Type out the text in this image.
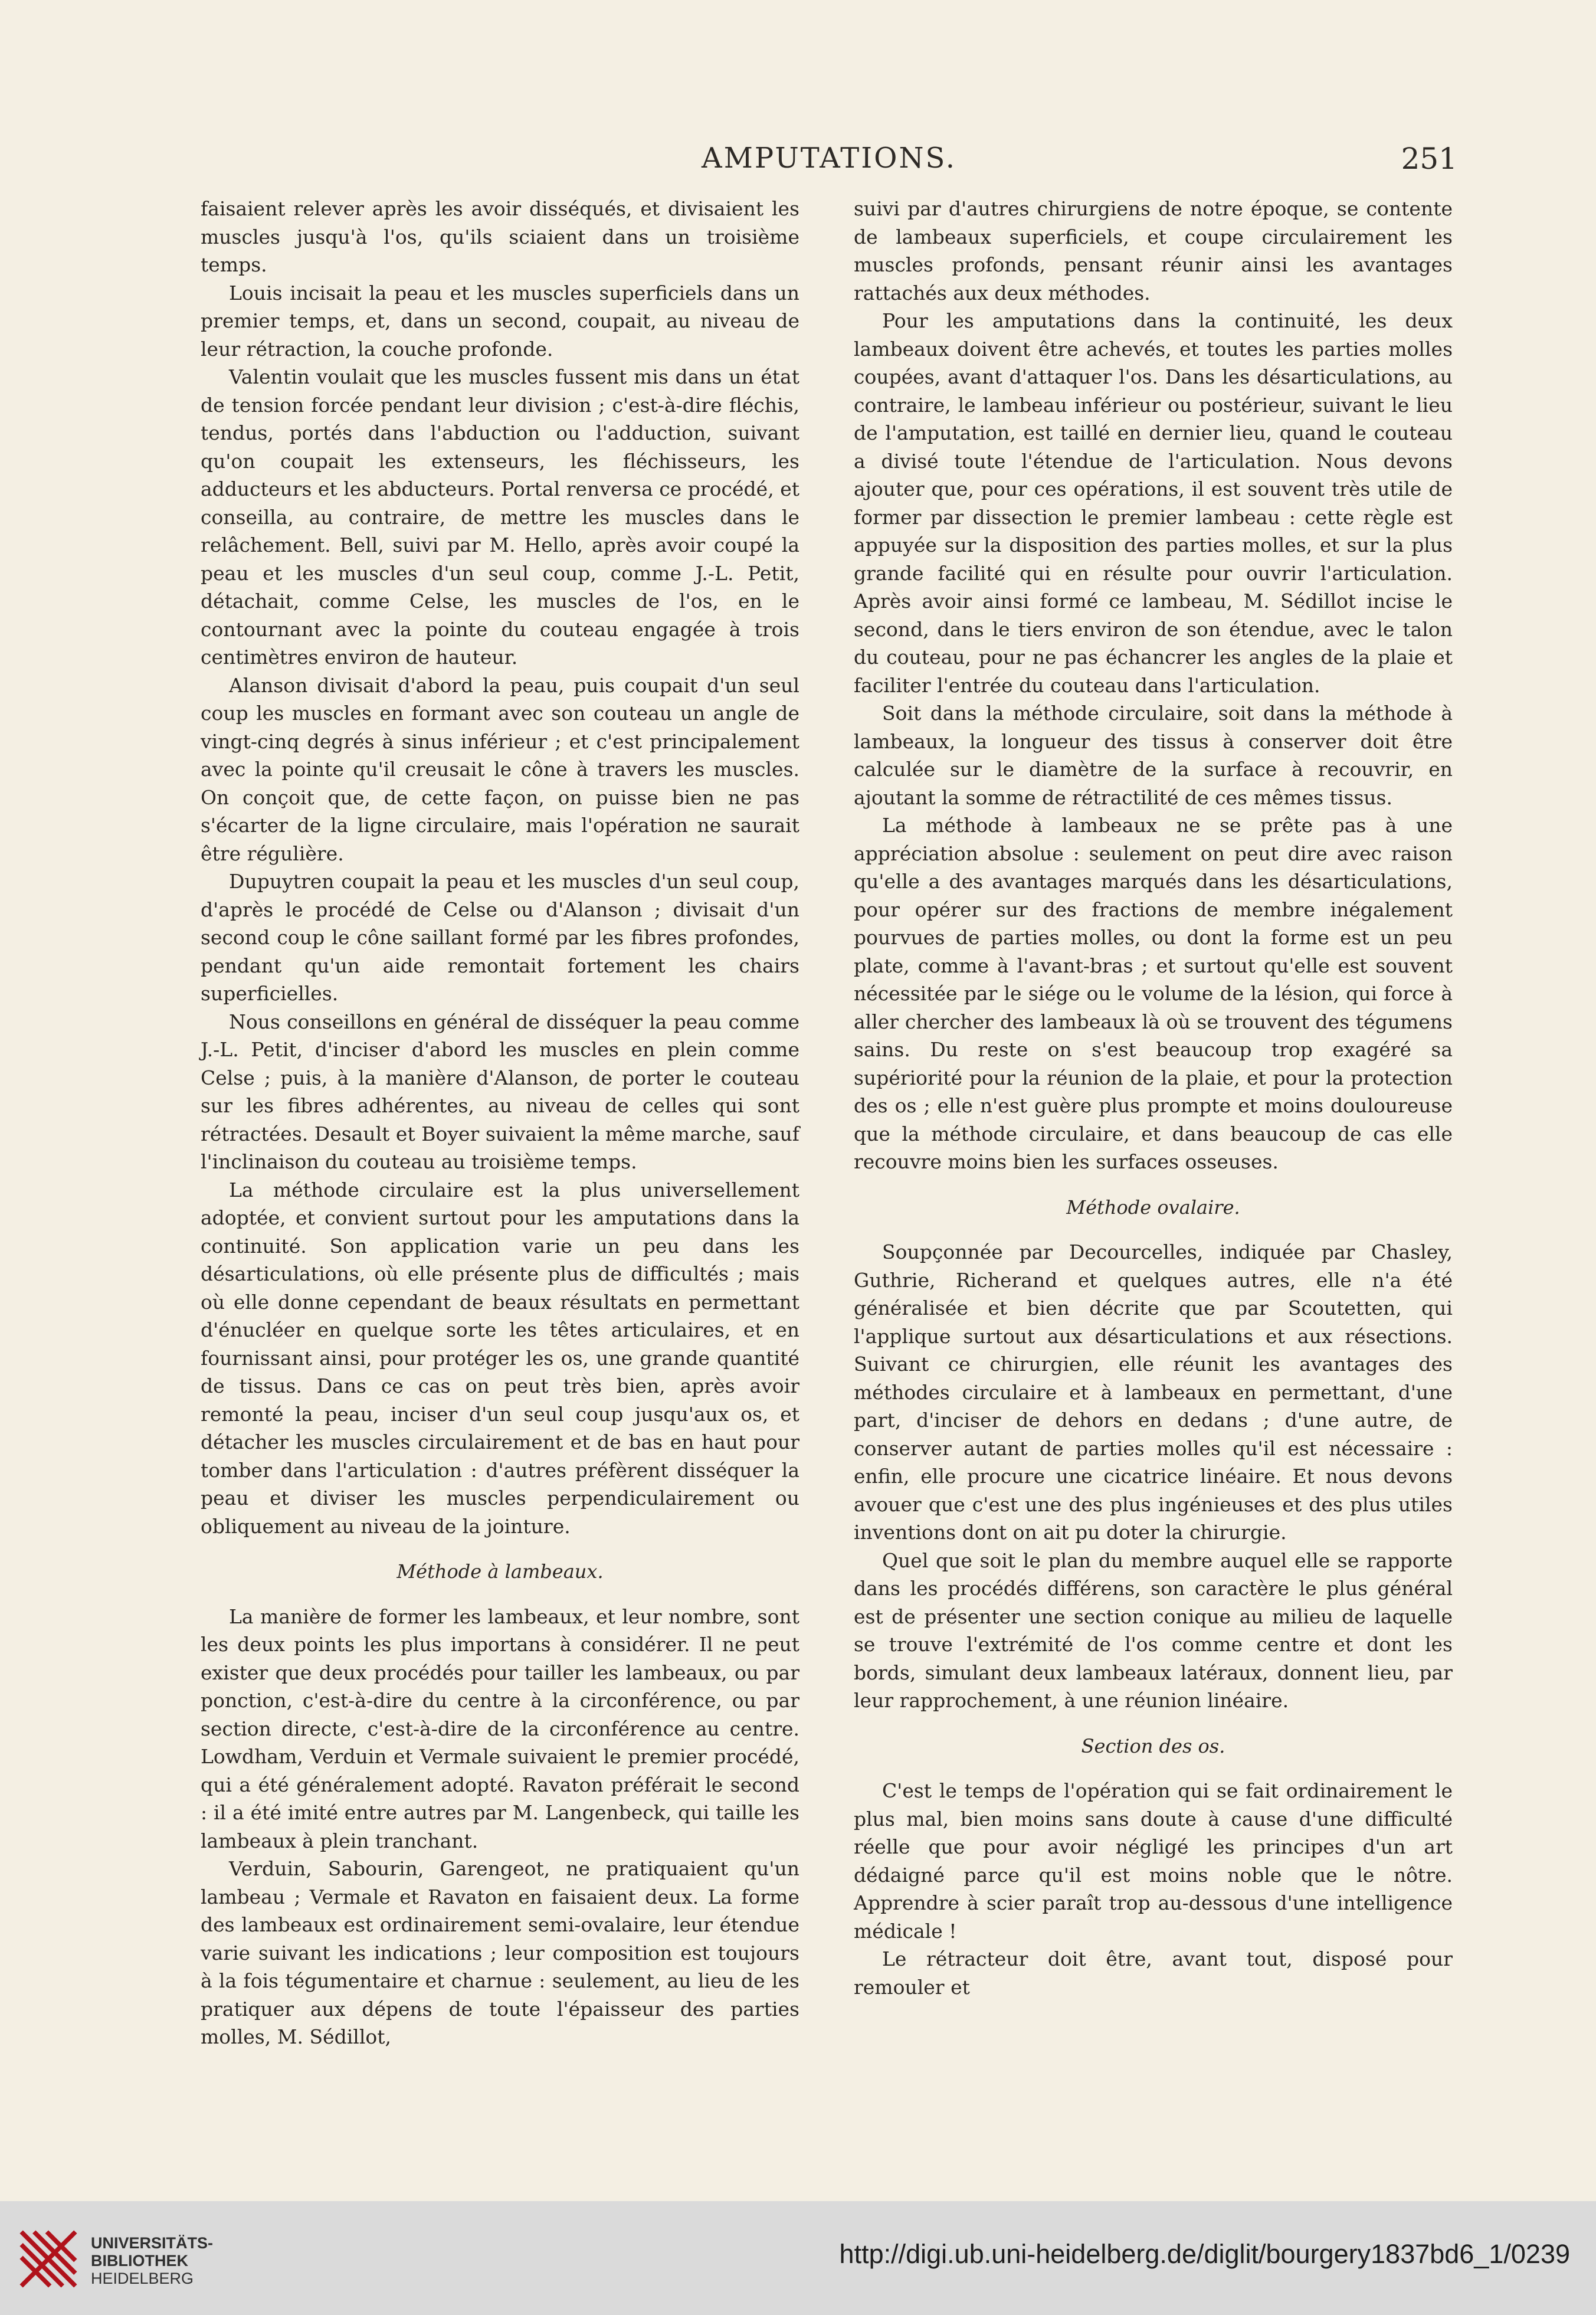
AMPUTATIONS.	251

faisaient relever après les avoir disséqués, et divisaient les muscles jusqu'à l'os, qu'ils sciaient dans un troisième temps.

Louis incisait la peau et les muscles superficiels dans un premier temps, et, dans un second, coupait, au niveau de leur rétraction, la couche profonde.

Valentin voulait que les muscles fussent mis dans un état de tension forcée pendant leur division ; c'est-à-dire fléchis, tendus, portés dans l'abduction ou l'adduction, suivant qu'on coupait les extenseurs, les fléchisseurs, les adducteurs et les abducteurs. Portal renversa ce procédé, et conseilla, au contraire, de mettre les muscles dans le relâchement. Bell, suivi par M. Hello, après avoir coupé la peau et les muscles d'un seul coup, comme J.-L. Petit, détachait, comme Celse, les muscles de l'os, en le contournant avec la pointe du couteau engagée à trois centimètres environ de hauteur.

Alanson divisait d'abord la peau, puis coupait d'un seul coup les muscles en formant avec son couteau un angle de vingt-cinq degrés à sinus inférieur ; et c'est principalement avec la pointe qu'il creusait le cône à travers les muscles. On conçoit que, de cette façon, on puisse bien ne pas s'écarter de la ligne circulaire, mais l'opération ne saurait être régulière.

Dupuytren coupait la peau et les muscles d'un seul coup, d'après le procédé de Celse ou d'Alanson ; divisait d'un second coup le cône saillant formé par les fibres profondes, pendant qu'un aide remontait fortement les chairs superficielles.

Nous conseillons en général de disséquer la peau comme J.-L. Petit, d'inciser d'abord les muscles en plein comme Celse ; puis, à la manière d'Alanson, de porter le couteau sur les fibres adhérentes, au niveau de celles qui sont rétractées. Desault et Boyer suivaient la même marche, sauf l'inclinaison du couteau au troisième temps.

La méthode circulaire est la plus universellement adoptée, et convient surtout pour les amputations dans la continuité. Son application varie un peu dans les désarticulations, où elle présente plus de difficultés ; mais où elle donne cependant de beaux résultats en permettant d'énucléer en quelque sorte les têtes articulaires, et en fournissant ainsi, pour protéger les os, une grande quantité de tissus. Dans ce cas on peut très bien, après avoir remonté la peau, inciser d'un seul coup jusqu'aux os, et détacher les muscles circulairement et de bas en haut pour tomber dans l'articulation : d'autres préfèrent disséquer la peau et diviser les muscles perpendiculairement ou obliquement au niveau de la jointure.

Méthode à lambeaux.

La manière de former les lambeaux, et leur nombre, sont les deux points les plus importans à considérer. Il ne peut exister que deux procédés pour tailler les lambeaux, ou par ponction, c'est-à-dire du centre à la circonférence, ou par section directe, c'est-à-dire de la circonférence au centre. Lowdham, Verduin et Vermale suivaient le premier procédé, qui a été généralement adopté. Ravaton préférait le second : il a été imité entre autres par M. Langenbeck, qui taille les lambeaux à plein tranchant.

Verduin, Sabourin, Garengeot, ne pratiquaient qu'un lambeau ; Vermale et Ravaton en faisaient deux. La forme des lambeaux est ordinairement semi-ovalaire, leur étendue varie suivant les indications ; leur composition est toujours à la fois tégumentaire et charnue : seulement, au lieu de les pratiquer aux dépens de toute l'épaisseur des parties molles, M. Sédillot,

suivi par d'autres chirurgiens de notre époque, se contente de lambeaux superficiels, et coupe circulairement les muscles profonds, pensant réunir ainsi les avantages rattachés aux deux méthodes.

Pour les amputations dans la continuité, les deux lambeaux doivent être achevés, et toutes les parties molles coupées, avant d'attaquer l'os. Dans les désarticulations, au contraire, le lambeau inférieur ou postérieur, suivant le lieu de l'amputation, est taillé en dernier lieu, quand le couteau a divisé toute l'étendue de l'articulation. Nous devons ajouter que, pour ces opérations, il est souvent très utile de former par dissection le premier lambeau : cette règle est appuyée sur la disposition des parties molles, et sur la plus grande facilité qui en résulte pour ouvrir l'articulation. Après avoir ainsi formé ce lambeau, M. Sédillot incise le second, dans le tiers environ de son étendue, avec le talon du couteau, pour ne pas échancrer les angles de la plaie et faciliter l'entrée du couteau dans l'articulation.

Soit dans la méthode circulaire, soit dans la méthode à lambeaux, la longueur des tissus à conserver doit être calculée sur le diamètre de la surface à recouvrir, en ajoutant la somme de rétractilité de ces mêmes tissus.

La méthode à lambeaux ne se prête pas à une appréciation absolue : seulement on peut dire avec raison qu'elle a des avantages marqués dans les désarticulations, pour opérer sur des fractions de membre inégalement pourvues de parties molles, ou dont la forme est un peu plate, comme à l'avant-bras ; et surtout qu'elle est souvent nécessitée par le siége ou le volume de la lésion, qui force à aller chercher des lambeaux là où se trouvent des tégumens sains. Du reste on s'est beaucoup trop exagéré sa supériorité pour la réunion de la plaie, et pour la protection des os ; elle n'est guère plus prompte et moins douloureuse que la méthode circulaire, et dans beaucoup de cas elle recouvre moins bien les surfaces osseuses.

Méthode ovalaire.

Soupçonnée par Decourcelles, indiquée par Chasley, Guthrie, Richerand et quelques autres, elle n'a été généralisée et bien décrite que par Scoutetten, qui l'applique surtout aux désarticulations et aux résections. Suivant ce chirurgien, elle réunit les avantages des méthodes circulaire et à lambeaux en permettant, d'une part, d'inciser de dehors en dedans ; d'une autre, de conserver autant de parties molles qu'il est nécessaire : enfin, elle procure une cicatrice linéaire. Et nous devons avouer que c'est une des plus ingénieuses et des plus utiles inventions dont on ait pu doter la chirurgie.

Quel que soit le plan du membre auquel elle se rapporte dans les procédés différens, son caractère le plus général est de présenter une section conique au milieu de laquelle se trouve l'extrémité de l'os comme centre et dont les bords, simulant deux lambeaux latéraux, donnent lieu, par leur rapprochement, à une réunion linéaire.

Section des os.

C'est le temps de l'opération qui se fait ordinairement le plus mal, bien moins sans doute à cause d'une difficulté réelle que pour avoir négligé les principes d'un art dédaigné parce qu'il est moins noble que le nôtre. Apprendre à scier paraît trop au-dessous d'une intelligence médicale !

Le rétracteur doit être, avant tout, disposé pour remouler et

UNIVERSITÄTS-
BIBLIOTHEK
HEIDELBERG
http://digi.ub.uni-heidelberg.de/diglit/bourgery1837bd6_1/0239
